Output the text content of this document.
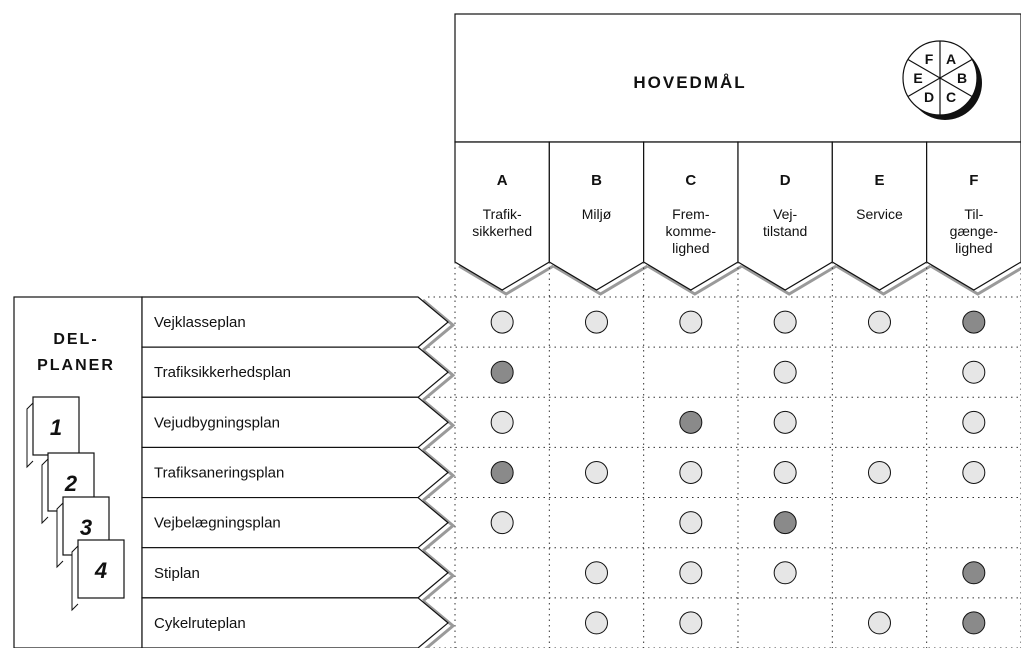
HOVEDMÅL
A
B
C
D
E
F
A
Trafik-
sikkerhed
B
Miljø
C
Frem-
komme-
lighed
D
Vej-
tilstand
E
Service
F
Til-
gænge-
lighed
DEL-
PLANER
1
2
3
4
Vejklasseplan
Trafiksikkerhedsplan
Vejudbygningsplan
Trafiksaneringsplan
Vejbelægningsplan
Stiplan
Cykelruteplan
